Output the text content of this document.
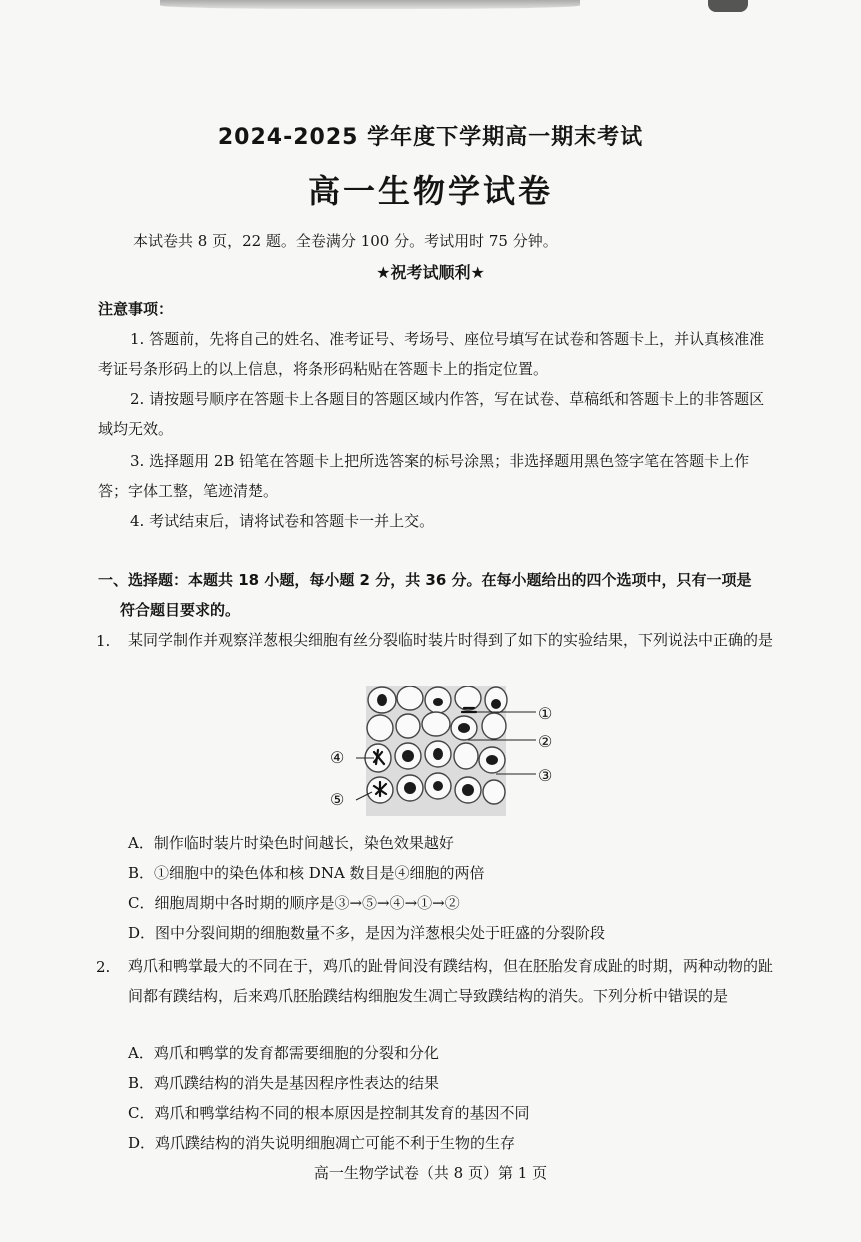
2024-2025 学年度下学期高一期末考试
高一生物学试卷
本试卷共 8 页，22 题。全卷满分 100 分。考试用时 75 分钟。
★祝考试顺利★
注意事项：
1. 答题前，先将自己的姓名、准考证号、考场号、座位号填写在试卷和答题卡上，并认真核准准考证号条形码上的以上信息，将条形码粘贴在答题卡上的指定位置。
2. 请按题号顺序在答题卡上各题目的答题区域内作答，写在试卷、草稿纸和答题卡上的非答题区域均无效。
3. 选择题用 2B 铅笔在答题卡上把所选答案的标号涂黑；非选择题用黑色签字笔在答题卡上作答；字体工整，笔迹清楚。
4. 考试结束后，请将试卷和答题卡一并上交。
一、选择题：本题共 18 小题，每小题 2 分，共 36 分。在每小题给出的四个选项中，只有一项是
符合题目要求的。
1. 某同学制作并观察洋葱根尖细胞有丝分裂临时装片时得到了如下的实验结果，下列说法中正确的是
①
②
③
④
⑤
A．制作临时装片时染色时间越长，染色效果越好
B．①细胞中的染色体和核 DNA 数目是④细胞的两倍
C．细胞周期中各时期的顺序是③→⑤→④→①→②
D．图中分裂间期的细胞数量不多，是因为洋葱根尖处于旺盛的分裂阶段
2. 鸡爪和鸭掌最大的不同在于，鸡爪的趾骨间没有蹼结构，但在胚胎发育成趾的时期，两种动物的趾间都有蹼结构，后来鸡爪胚胎蹼结构细胞发生凋亡导致蹼结构的消失。下列分析中错误的是
A．鸡爪和鸭掌的发育都需要细胞的分裂和分化
B．鸡爪蹼结构的消失是基因程序性表达的结果
C．鸡爪和鸭掌结构不同的根本原因是控制其发育的基因不同
D．鸡爪蹼结构的消失说明细胞凋亡可能不利于生物的生存
高一生物学试卷（共 8 页）第 1 页
